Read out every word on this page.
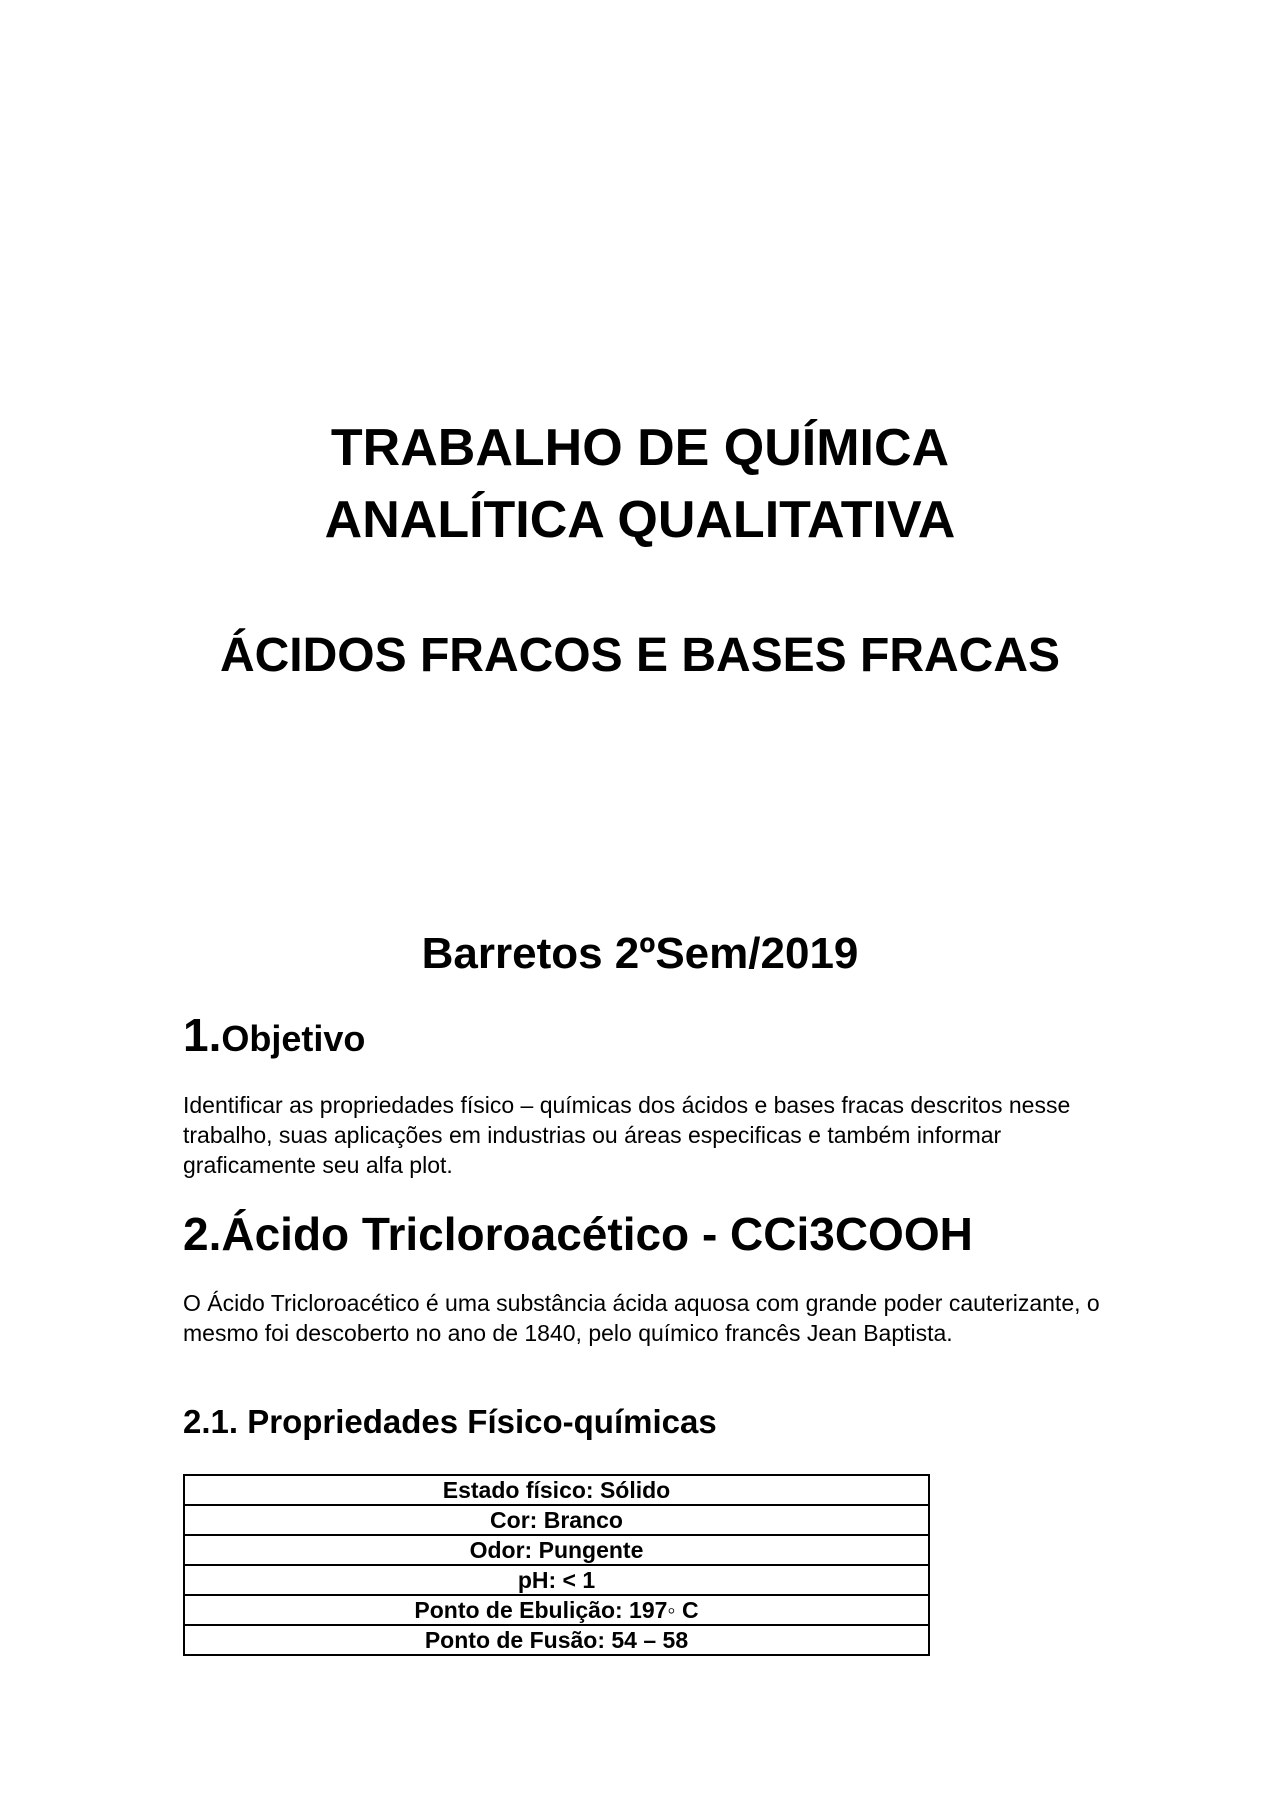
TRABALHO DE QUÍMICA
ANALÍTICA QUALITATIVA
ÁCIDOS FRACOS E BASES FRACAS
Barretos 2ºSem/2019
1.Objetivo

Identificar as propriedades físico – químicas dos ácidos e bases fracas descritos nesse trabalho, suas aplicações em industrias ou áreas especificas e também informar graficamente seu alfa plot.

2.Ácido Tricloroacético - CCi3COOH

O Ácido Tricloroacético é uma substância ácida aquosa com grande poder cauterizante, o mesmo foi descoberto no ano de 1840, pelo químico francês Jean Baptista.

2.1. Propriedades Físico-químicas
Estado físico: Sólido
Cor: Branco
Odor: Pungente
pH: < 1
Ponto de Ebulição: 197◦ C
Ponto de Fusão: 54 – 58
